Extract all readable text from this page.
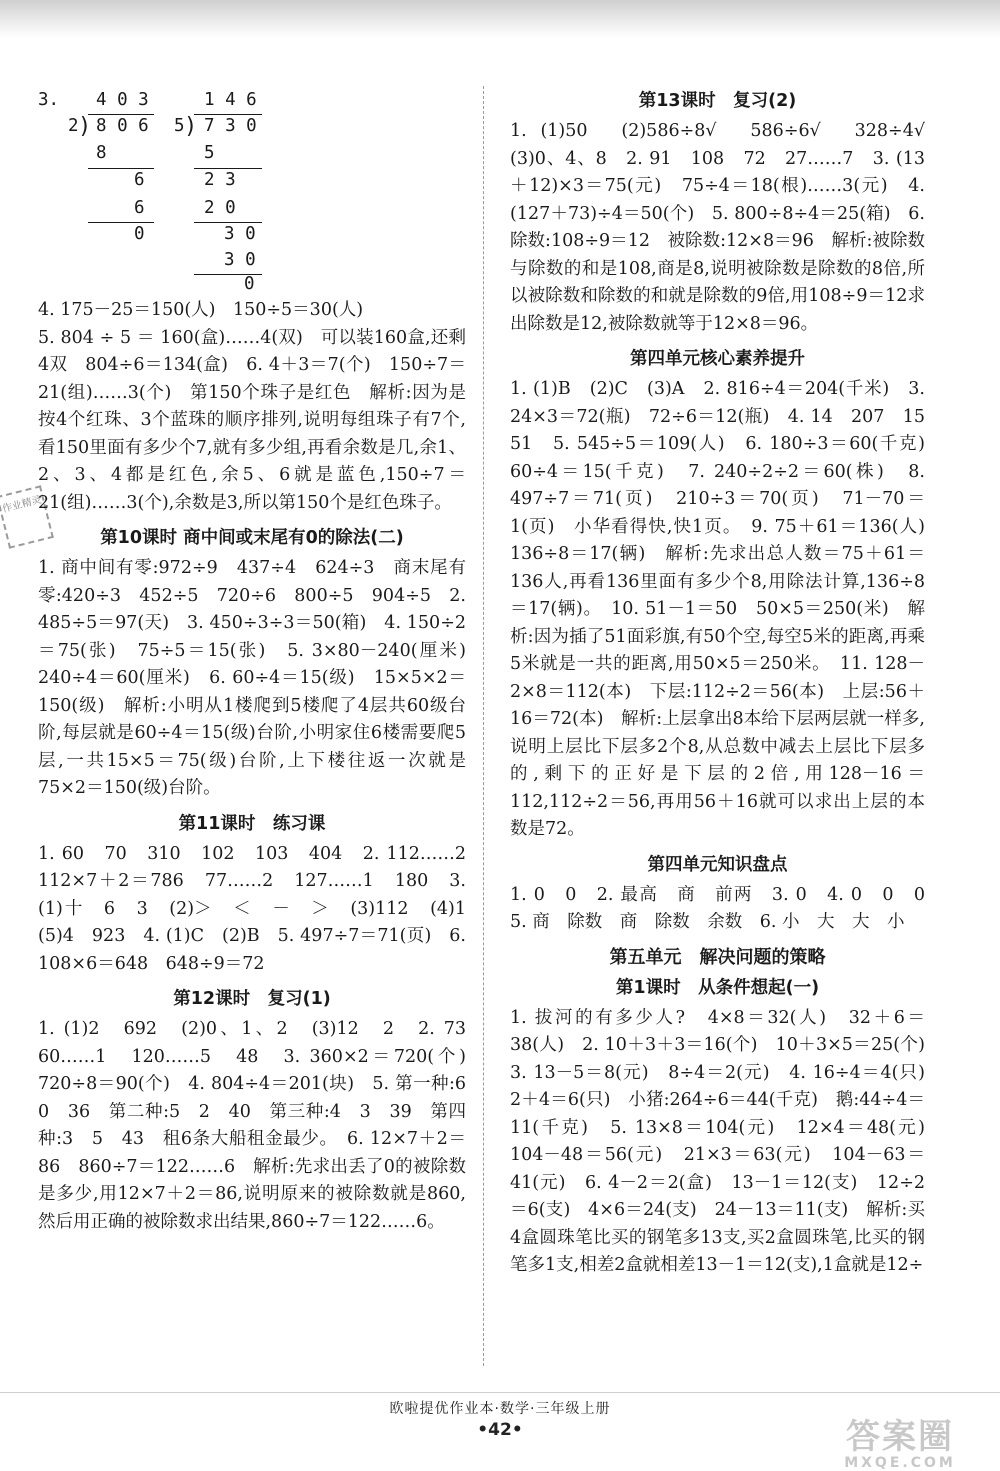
作业精灵
3. 4 0 3
2 ) 8 0 6
8
6
6
0
1 4 6
5 ) 7 3 0
5
2 3
2 0
3 0
3 0
0

4. 175－25＝150(人)　150÷5＝30(人)

5. 804 ÷ 5 ＝ 160(盒)……4(双)　可以装160盒,还剩4双　804÷6＝134(盒)　6. 4＋3＝7(个)　150÷7＝21(组)……3(个)　第150个珠子是红色　解析:因为是按4个红珠、3个蓝珠的顺序排列,说明每组珠子有7个,看150里面有多少个7,就有多少组,再看余数是几,余1、2、3、4都是红色,余5、6就是蓝色,150÷7＝21(组)……3(个),余数是3,所以第150个是红色珠子。

第10课时 商中间或末尾有0的除法(二)

1. 商中间有零:972÷9　437÷4　624÷3　商末尾有零:420÷3　452÷5　720÷6　800÷5　904÷5　2. 485÷5＝97(天)　3. 450÷3÷3＝50(箱)　4. 150÷2＝75(张)　75÷5＝15(张)　5. 3×80－240(厘米)　240÷4＝60(厘米)　6. 60÷4＝15(级)　15×5×2＝150(级)　解析:小明从1楼爬到5楼爬了4层共60级台阶,每层就是60÷4＝15(级)台阶,小明家住6楼需要爬5层,一共15×5＝75(级)台阶,上下楼往返一次就是 75×2＝150(级)台阶。

第11课时　练习课

1. 60　70　310　102　103　404　2. 112……2　112×7＋2＝786　77……2　127……1　180　3. (1)十　6　3　(2)＞　＜　－　＞　(3)112　(4)1　(5)4　923　4. (1)C　(2)B　5. 497÷7＝71(页)　6. 108×6＝648　648÷9＝72

第12课时　复习(1)

1. (1)2　692　(2)0、1、2　(3)12　2　2. 73　60……1　120……5　48　3. 360×2＝720(个)　720÷8＝90(个)　4. 804÷4＝201(块)　5. 第一种:6　0　36　第二种:5　2　40　第三种:4　3　39　第四种:3　5　43　租6条大船租金最少。　6. 12×7＋2＝86　860÷7＝122……6　解析:先求出丢了0的被除数是多少,用12×7＋2＝86,说明原来的被除数就是860,然后用正确的被除数求出结果,860÷7＝122……6。

第13课时　复习(2)

1. (1)50　(2)586÷8√　586÷6√　328÷4√　(3)0、4、8　2. 91　108　72　27……7　3. (13＋12)×3＝75(元)　75÷4＝18(根)……3(元)　4. (127＋73)÷4＝50(个)　5. 800÷8÷4＝25(箱)　6. 除数:108÷9＝12　被除数:12×8＝96　解析:被除数与除数的和是108,商是8,说明被除数是除数的8倍,所以被除数和除数的和就是除数的9倍,用108÷9＝12求出除数是12,被除数就等于12×8＝96。

第四单元核心素养提升

1. (1)B　(2)C　(3)A　2. 816÷4＝204(千米)　3. 24×3＝72(瓶)　72÷6＝12(瓶)　4. 14　207　15　51　5. 545÷5＝109(人)　6. 180÷3＝60(千克)　60÷4＝15(千克)　7. 240÷2÷2＝60(株)　8. 497÷7＝71(页)　210÷3＝70(页)　71－70＝1(页)　小华看得快,快1页。　9. 75＋61＝136(人)　136÷8＝17(辆)　解析:先求出总人数＝75＋61＝136人,再看136里面有多少个8,用除法计算,136÷8＝17(辆)。　10. 51－1＝50　50×5＝250(米)　解析:因为插了51面彩旗,有50个空,每空5米的距离,再乘5米就是一共的距离,用50×5＝250米。　11. 128－2×8＝112(本)　下层:112÷2＝56(本)　上层:56＋16＝72(本)　解析:上层拿出8本给下层两层就一样多,说明上层比下层多2个8,从总数中减去上层比下层多的,剩下的正好是下层的2倍,用128－16＝112,112÷2＝56,再用56＋16就可以求出上层的本数是72。

第四单元知识盘点

1. 0　0　2. 最高　商　前两　3. 0　4. 0　0　0　5. 商　除数　商　除数　余数　6. 小　大　大　小

第五单元　解决问题的策略
第1课时　从条件想起(一)

1. 拔河的有多少人?　4×8＝32(人)　32＋6＝38(人)　2. 10＋3＋3＝16(个)　10＋3×5＝25(个)　3. 13－5＝8(元)　8÷4＝2(元)　4. 16÷4＝4(只)　2＋4＝6(只)　小猪:264÷6＝44(千克)　鹅:44÷4＝11(千克)　5. 13×8＝104(元)　12×4＝48(元)　104－48＝56(元)　21×3＝63(元)　104－63＝41(元)　6. 4－2＝2(盒)　13－1＝12(支)　12÷2＝6(支)　4×6＝24(支)　24－13＝11(支)　解析:买4盒圆珠笔比买的钢笔多13支,买2盒圆珠笔,比买的钢笔多1支,相差2盒就相差13－1＝12(支),1盒就是12÷

欧啦提优作业本·数学·三年级上册
•42•	答案圈
MXQE.COM
